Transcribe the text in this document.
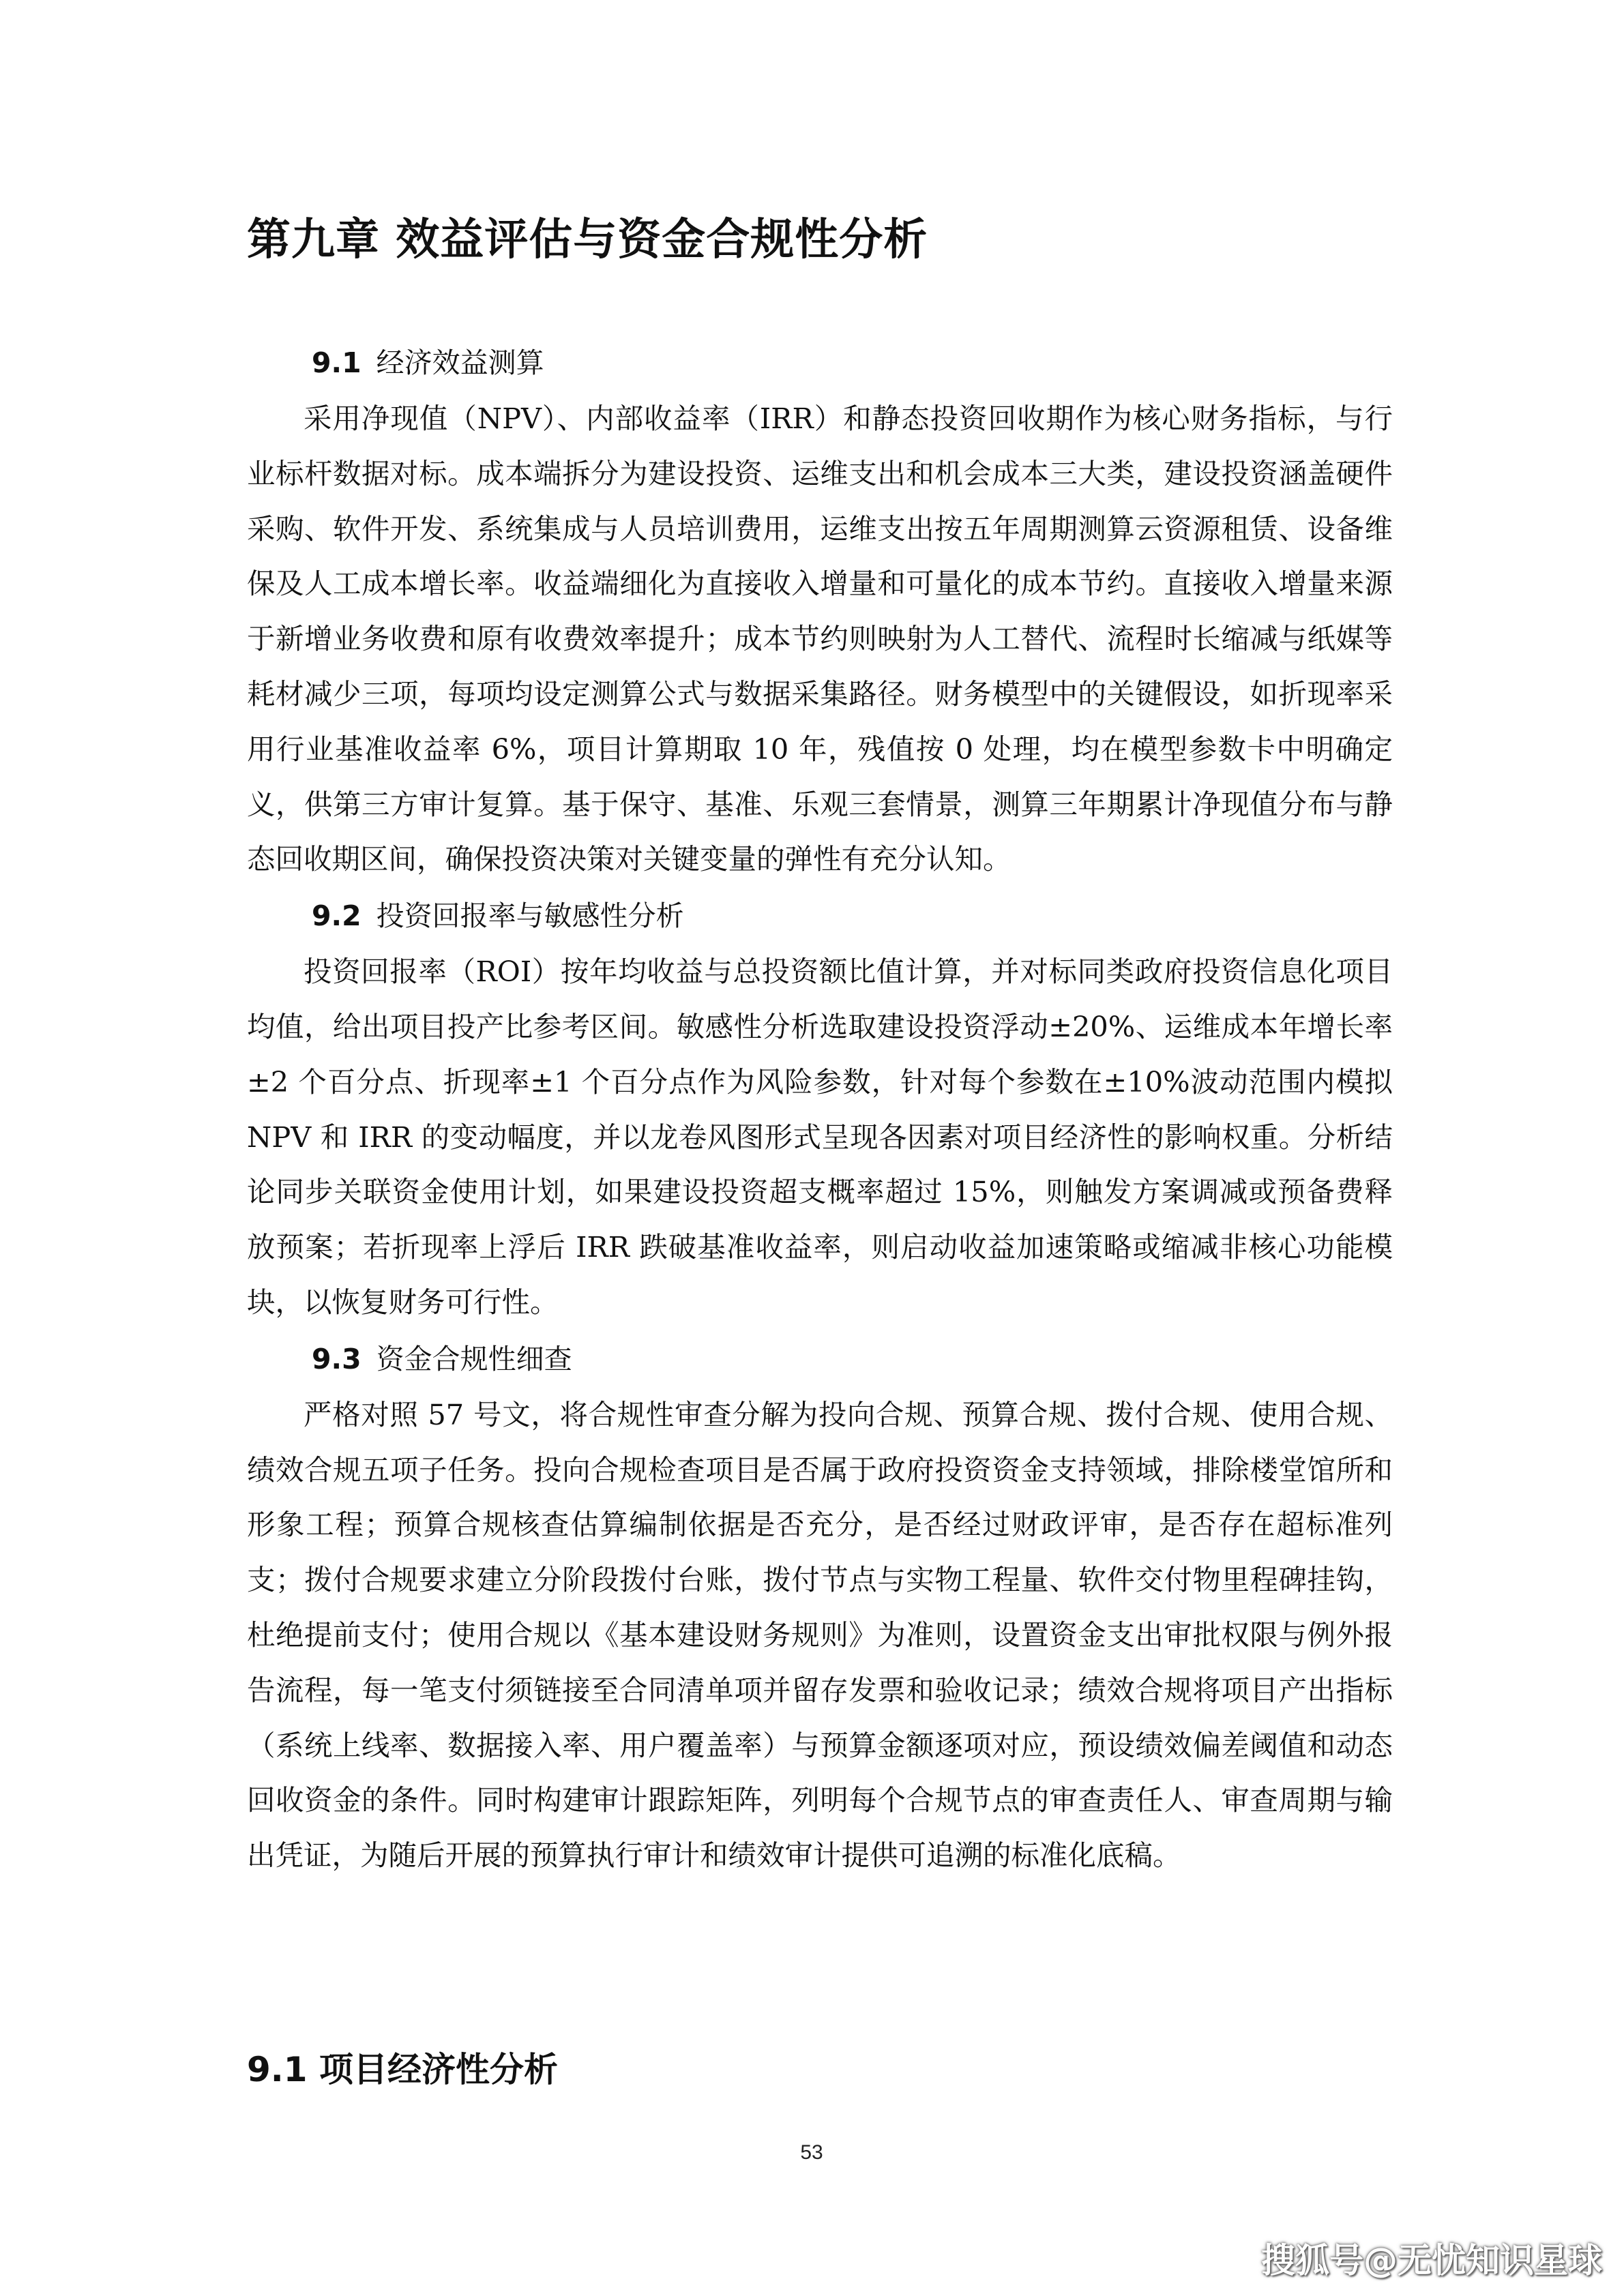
第九章 效益评估与资金合规性分析
9.1 经济效益测算

采用净现值（NPV）、内部收益率（IRR）和静态投资回收期作为核心财务指标，与行业标杆数据对标。成本端拆分为建设投资、运维支出和机会成本三大类，建设投资涵盖硬件采购、软件开发、系统集成与人员培训费用，运维支出按五年周期测算云资源租赁、设备维保及人工成本增长率。收益端细化为直接收入增量和可量化的成本节约。直接收入增量来源于新增业务收费和原有收费效率提升；成本节约则映射为人工替代、流程时长缩减与纸媒等耗材减少三项，每项均设定测算公式与数据采集路径。财务模型中的关键假设，如折现率采用行业基准收益率 6%，项目计算期取 10 年，残值按 0 处理，均在模型参数卡中明确定义，供第三方审计复算。基于保守、基准、乐观三套情景，测算三年期累计净现值分布与静态回收期区间，确保投资决策对关键变量的弹性有充分认知。

9.2 投资回报率与敏感性分析

投资回报率（ROI）按年均收益与总投资额比值计算，并对标同类政府投资信息化项目均值，给出项目投产比参考区间。敏感性分析选取建设投资浮动±20%、运维成本年增长率±2 个百分点、折现率±1 个百分点作为风险参数，针对每个参数在±10%波动范围内模拟 NPV 和 IRR 的变动幅度，并以龙卷风图形式呈现各因素对项目经济性的影响权重。分析结论同步关联资金使用计划，如果建设投资超支概率超过 15%，则触发方案调减或预备费释放预案；若折现率上浮后 IRR 跌破基准收益率，则启动收益加速策略或缩减非核心功能模块，以恢复财务可行性。

9.3 资金合规性细查

严格对照 57 号文，将合规性审查分解为投向合规、预算合规、拨付合规、使用合规、绩效合规五项子任务。投向合规检查项目是否属于政府投资资金支持领域，排除楼堂馆所和形象工程；预算合规核查估算编制依据是否充分，是否经过财政评审，是否存在超标准列支；拨付合规要求建立分阶段拨付台账，拨付节点与实物工程量、软件交付物里程碑挂钩，杜绝提前支付；使用合规以《基本建设财务规则》为准则，设置资金支出审批权限与例外报告流程，每一笔支付须链接至合同清单项并留存发票和验收记录；绩效合规将项目产出指标（系统上线率、数据接入率、用户覆盖率）与预算金额逐项对应，预设绩效偏差阈值和动态回收资金的条件。同时构建审计跟踪矩阵，列明每个合规节点的审查责任人、审查周期与输出凭证，为随后开展的预算执行审计和绩效审计提供可追溯的标准化底稿。

9.1 项目经济性分析
53
搜狐号@无忧知识星球
